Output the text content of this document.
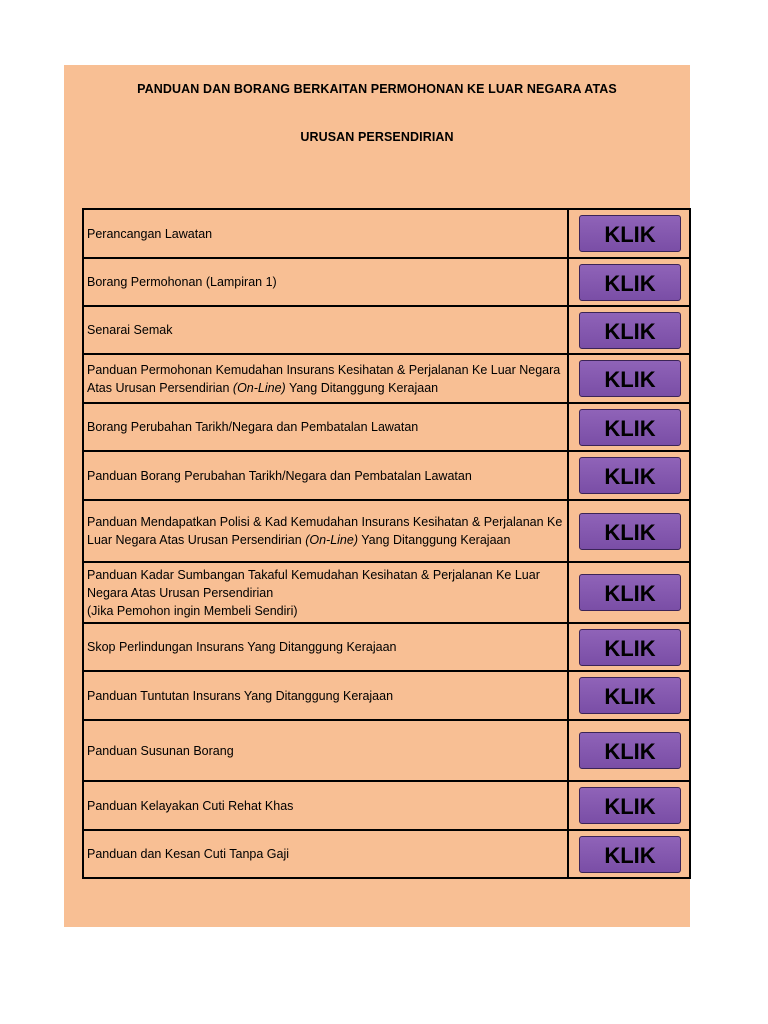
PANDUAN DAN BORANG BERKAITAN PERMOHONAN KE LUAR NEGARA ATAS
URUSAN PERSENDIRIAN
Perancangan Lawatan	KLIK
Borang Permohonan (Lampiran 1)	KLIK
Senarai Semak	KLIK
Panduan Permohonan Kemudahan Insurans Kesihatan & Perjalanan Ke Luar Negara Atas Urusan Persendirian (On-Line) Yang Ditanggung Kerajaan	KLIK
Borang Perubahan Tarikh/Negara dan Pembatalan Lawatan	KLIK
Panduan Borang Perubahan Tarikh/Negara dan Pembatalan Lawatan	KLIK
Panduan Mendapatkan Polisi & Kad Kemudahan Insurans Kesihatan & Perjalanan Ke Luar Negara Atas Urusan Persendirian (On-Line) Yang Ditanggung Kerajaan	KLIK
Panduan Kadar Sumbangan Takaful Kemudahan Kesihatan & Perjalanan Ke Luar Negara Atas Urusan Persendirian
(Jika Pemohon ingin Membeli Sendiri)	KLIK
Skop Perlindungan Insurans Yang Ditanggung Kerajaan	KLIK
Panduan Tuntutan Insurans Yang Ditanggung Kerajaan	KLIK
Panduan Susunan Borang	KLIK
Panduan Kelayakan Cuti Rehat Khas	KLIK
Panduan dan Kesan Cuti Tanpa Gaji	KLIK
